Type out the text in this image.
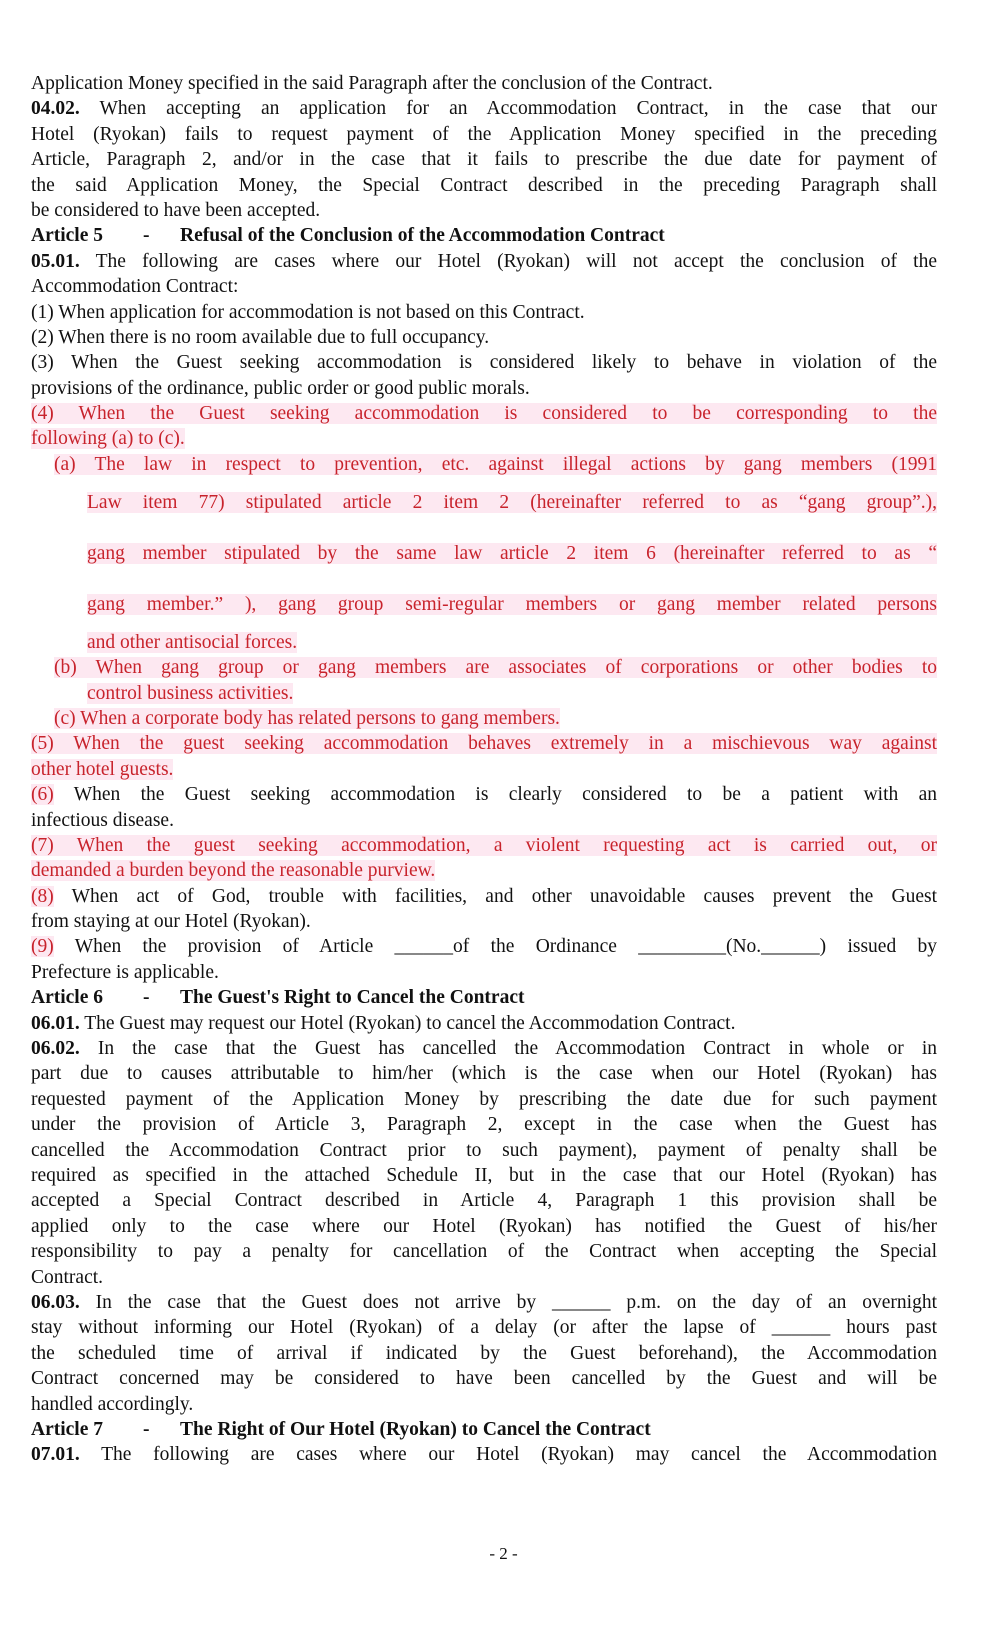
Application Money specified in the said Paragraph after the conclusion of the Contract.
04.02. When accepting an application for an Accommodation Contract, in the case that our
Hotel (Ryokan) fails to request payment of the Application Money specified in the preceding
Article, Paragraph 2, and/or in the case that it fails to prescribe the due date for payment of
the said Application Money, the Special Contract described in the preceding Paragraph shall
be considered to have been accepted.
Article 5 - Refusal of the Conclusion of the Accommodation Contract
05.01. The following are cases where our Hotel (Ryokan) will not accept the conclusion of the
Accommodation Contract:
(1) When application for accommodation is not based on this Contract.
(2) When there is no room available due to full occupancy.
(3) When the Guest seeking accommodation is considered likely to behave in violation of the
provisions of the ordinance, public order or good public morals.
(4) When the Guest seeking accommodation is considered to be corresponding to the
following (a) to (c).
(a) The law in respect to prevention, etc. against illegal actions by gang members (1991
Law item 77) stipulated article 2 item 2 (hereinafter referred to as “gang group”.),
gang member stipulated by the same law article 2 item 6 (hereinafter referred to as “
gang member.” ), gang group semi-regular members or gang member related persons
and other antisocial forces.
(b) When gang group or gang members are associates of corporations or other bodies to
control business activities.
(c) When a corporate body has related persons to gang members.
(5) When the guest seeking accommodation behaves extremely in a mischievous way against
other hotel guests.
(6) When the Guest seeking accommodation is clearly considered to be a patient with an
infectious disease.
(7) When the guest seeking accommodation, a violent requesting act is carried out, or
demanded a burden beyond the reasonable purview.
(8) When act of God, trouble with facilities, and other unavoidable causes prevent the Guest
from staying at our Hotel (Ryokan).
(9) When the provision of Article ______of the Ordinance _________(No.______) issued by
Prefecture is applicable.
Article 6 - The Guest's Right to Cancel the Contract
06.01. The Guest may request our Hotel (Ryokan) to cancel the Accommodation Contract.
06.02. In the case that the Guest has cancelled the Accommodation Contract in whole or in
part due to causes attributable to him/her (which is the case when our Hotel (Ryokan) has
requested payment of the Application Money by prescribing the date due for such payment
under the provision of Article 3, Paragraph 2, except in the case when the Guest has
cancelled the Accommodation Contract prior to such payment), payment of penalty shall be
required as specified in the attached Schedule II, but in the case that our Hotel (Ryokan) has
accepted a Special Contract described in Article 4, Paragraph 1 this provision shall be
applied only to the case where our Hotel (Ryokan) has notified the Guest of his/her
responsibility to pay a penalty for cancellation of the Contract when accepting the Special
Contract.
06.03. In the case that the Guest does not arrive by ______ p.m. on the day of an overnight
stay without informing our Hotel (Ryokan) of a delay (or after the lapse of ______ hours past
the scheduled time of arrival if indicated by the Guest beforehand), the Accommodation
Contract concerned may be considered to have been cancelled by the Guest and will be
handled accordingly.
Article 7 - The Right of Our Hotel (Ryokan) to Cancel the Contract
07.01. The following are cases where our Hotel (Ryokan) may cancel the Accommodation
- 2 -
